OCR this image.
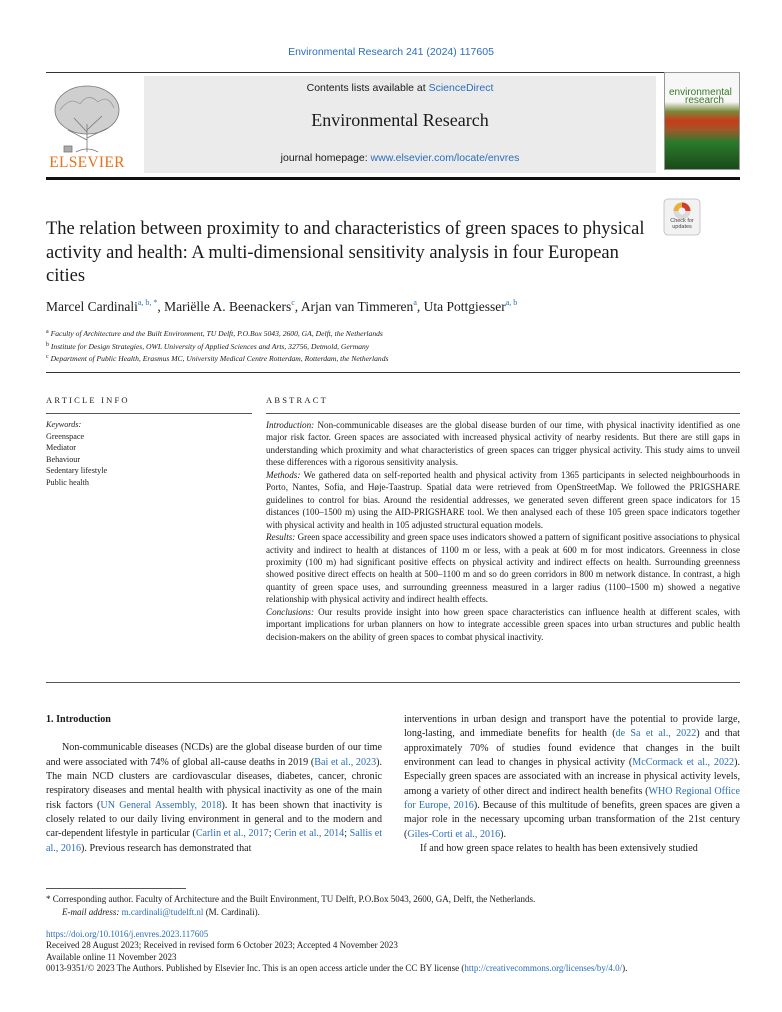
Environmental Research 241 (2024) 117605
ELSEVIER
Contents lists available at ScienceDirect
Environmental Research
journal homepage: www.elsevier.com/locate/envres
environmental
research
Check for
updates
The relation between proximity to and characteristics of green spaces to physical activity and health: A multi-dimensional sensitivity analysis in four European cities
Marcel Cardinali$^{a, b, *}$, Mariëlle A. Beenackers$^c$, Arjan van Timmeren$^a$, Uta Pottgiesser$^{a, b}$
$^a$ Faculty of Architecture and the Built Environment, TU Delft, P.O.Box 5043, 2600, GA, Delft, the Netherlands
$^b$ Institute for Design Strategies, OWL University of Applied Sciences and Arts, 32756, Detmold, Germany
$^c$ Department of Public Health, Erasmus MC, University Medical Centre Rotterdam, Rotterdam, the Netherlands
ARTICLE INFO	ABSTRACT
Keywords:
Greenspace
Mediator
Behaviour
Sedentary lifestyle
Public health

Introduction: Non-communicable diseases are the global disease burden of our time, with physical inactivity identified as one major risk factor. Green spaces are associated with increased physical activity of nearby residents. But there are still gaps in understanding which proximity and what characteristics of green spaces can trigger physical activity. This study aims to unveil these differences with a rigorous sensitivity analysis.

Methods: We gathered data on self-reported health and physical activity from 1365 participants in selected neighbourhoods in Porto, Nantes, Sofia, and Høje-Taastrup. Spatial data were retrieved from OpenStreetMap. We followed the PRIGSHARE guidelines to control for bias. Around the residential addresses, we generated seven different green space indicators for 15 distances (100–1500 m) using the AID-PRIGSHARE tool. We then analysed each of these 105 green space indicators together with physical activity and health in 105 adjusted structural equation models.

Results: Green space accessibility and green space uses indicators showed a pattern of significant positive associations to physical activity and indirect to health at distances of 1100 m or less, with a peak at 600 m for most indicators. Greenness in close proximity (100 m) had significant positive effects on physical activity and indirect effects on health. Surrounding greenness showed positive direct effects on health at 500–1100 m and so do green corridors in 800 m network distance. In contrast, a high quantity of green space uses, and surrounding greenness measured in a larger radius (1100–1500 m) showed a negative relationship with physical activity and indirect health effects.

Conclusions: Our results provide insight into how green space characteristics can influence health at different scales, with important implications for urban planners on how to integrate accessible green spaces into urban structures and public health decision-makers on the ability of green spaces to combat physical inactivity.

1. Introduction

Non-communicable diseases (NCDs) are the global disease burden of our time and were associated with 74% of global all-cause deaths in 2019 (Bai et al., 2023). The main NCD clusters are cardiovascular diseases, diabetes, cancer, chronic respiratory diseases and mental health with physical inactivity as one of the main risk factors (UN General Assembly, 2018). It has been shown that inactivity is closely related to our daily living environment in general and to the modern and car-dependent lifestyle in particular (Carlin et al., 2017; Cerin et al., 2014; Sallis et al., 2016). Previous research has demonstrated that

interventions in urban design and transport have the potential to provide large, long-lasting, and immediate benefits for health (de Sa et al., 2022) and that approximately 70% of studies found evidence that changes in the built environment can lead to changes in physical activity (McCormack et al., 2022). Especially green spaces are associated with an increase in physical activity levels, among a variety of other direct and indirect health benefits (WHO Regional Office for Europe, 2016). Because of this multitude of benefits, green spaces are given a major role in the necessary upcoming urban transformation of the 21st century (Giles-Corti et al., 2016).

If and how green space relates to health has been extensively studied

* Corresponding author. Faculty of Architecture and the Built Environment, TU Delft, P.O.Box 5043, 2600, GA, Delft, the Netherlands.
E-mail address: m.cardinali@tudelft.nl (M. Cardinali).
https://doi.org/10.1016/j.envres.2023.117605
Received 28 August 2023; Received in revised form 6 October 2023; Accepted 4 November 2023
Available online 11 November 2023
0013-9351/© 2023 The Authors. Published by Elsevier Inc. This is an open access article under the CC BY license (http://creativecommons.org/licenses/by/4.0/).
